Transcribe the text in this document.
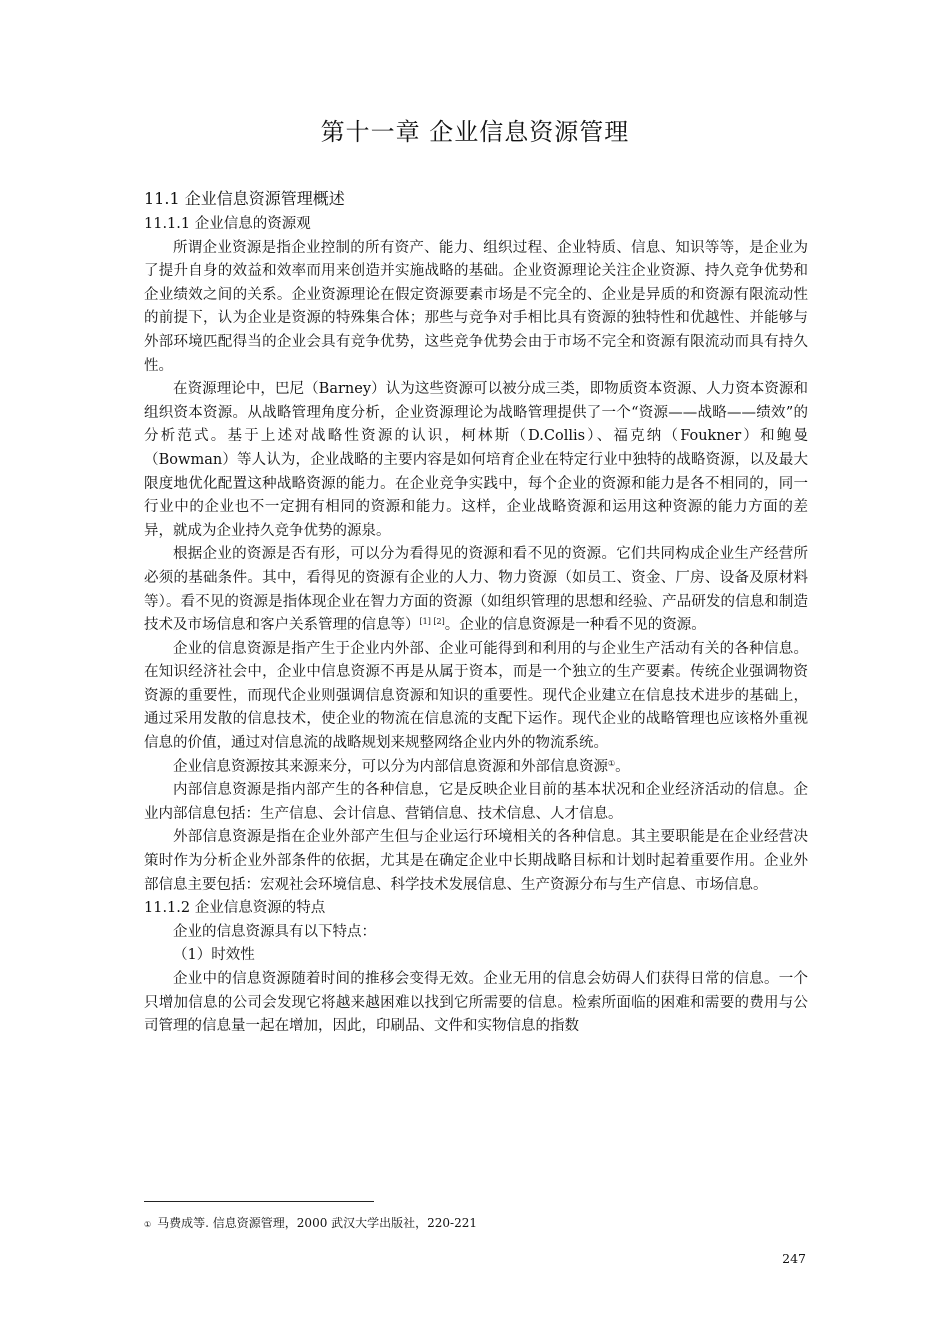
第十一章 企业信息资源管理
11.1 企业信息资源管理概述
11.1.1 企业信息的资源观

所谓企业资源是指企业控制的所有资产、能力、组织过程、企业特质、信息、知识等等，是企业为了提升自身的效益和效率而用来创造并实施战略的基础。企业资源理论关注企业资源、持久竞争优势和企业绩效之间的关系。企业资源理论在假定资源要素市场是不完全的、企业是异质的和资源有限流动性的前提下，认为企业是资源的特殊集合体；那些与竞争对手相比具有资源的独特性和优越性、并能够与外部环境匹配得当的企业会具有竞争优势，这些竞争优势会由于市场不完全和资源有限流动而具有持久性。

在资源理论中，巴尼（Barney）认为这些资源可以被分成三类，即物质资本资源、人力资本资源和组织资本资源。从战略管理角度分析，企业资源理论为战略管理提供了一个“资源——战略——绩效”的分析范式。基于上述对战略性资源的认识，柯林斯（D.Collis）、福克纳（Foukner）和鲍曼（Bowman）等人认为，企业战略的主要内容是如何培育企业在特定行业中独特的战略资源，以及最大限度地优化配置这种战略资源的能力。在企业竞争实践中，每个企业的资源和能力是各不相同的，同一行业中的企业也不一定拥有相同的资源和能力。这样，企业战略资源和运用这种资源的能力方面的差异，就成为企业持久竞争优势的源泉。

根据企业的资源是否有形，可以分为看得见的资源和看不见的资源。它们共同构成企业生产经营所必须的基础条件。其中，看得见的资源有企业的人力、物力资源（如员工、资金、厂房、设备及原材料等）。看不见的资源是指体现企业在智力方面的资源（如组织管理的思想和经验、产品研发的信息和制造技术及市场信息和客户关系管理的信息等）[1] [2]。企业的信息资源是一种看不见的资源。

企业的信息资源是指产生于企业内外部、企业可能得到和利用的与企业生产活动有关的各种信息。在知识经济社会中，企业中信息资源不再是从属于资本，而是一个独立的生产要素。传统企业强调物资资源的重要性，而现代企业则强调信息资源和知识的重要性。现代企业建立在信息技术进步的基础上，通过采用发散的信息技术，使企业的物流在信息流的支配下运作。现代企业的战略管理也应该格外重视信息的价值，通过对信息流的战略规划来规整网络企业内外的物流系统。

企业信息资源按其来源来分，可以分为内部信息资源和外部信息资源①。

内部信息资源是指内部产生的各种信息，它是反映企业目前的基本状况和企业经济活动的信息。企业内部信息包括：生产信息、会计信息、营销信息、技术信息、人才信息。

外部信息资源是指在企业外部产生但与企业运行环境相关的各种信息。其主要职能是在企业经营决策时作为分析企业外部条件的依据，尤其是在确定企业中长期战略目标和计划时起着重要作用。企业外部信息主要包括：宏观社会环境信息、科学技术发展信息、生产资源分布与生产信息、市场信息。

11.1.2 企业信息资源的特点

企业的信息资源具有以下特点：

（1）时效性

企业中的信息资源随着时间的推移会变得无效。企业无用的信息会妨碍人们获得日常的信息。一个只增加信息的公司会发现它将越来越困难以找到它所需要的信息。检索所面临的困难和需要的费用与公司管理的信息量一起在增加，因此，印刷品、文件和实物信息的指数

① 马费成等. 信息资源管理，2000 武汉大学出版社，220-221
247
